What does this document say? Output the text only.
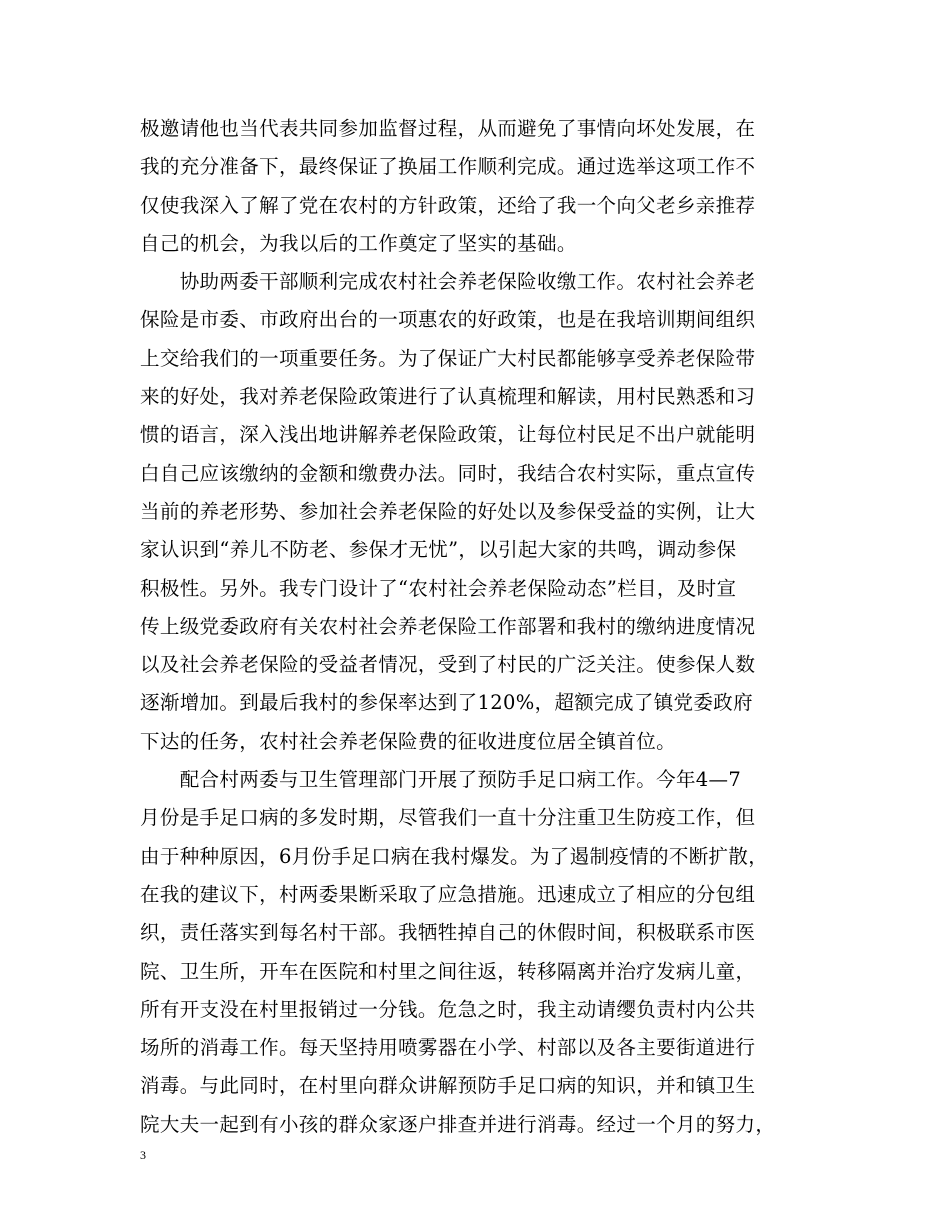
极邀请他也当代表共同参加监督过程，从而避免了事情向坏处发展，在
我的充分准备下，最终保证了换届工作顺利完成。通过选举这项工作不
仅使我深入了解了党在农村的方针政策，还给了我一个向父老乡亲推荐
自己的机会，为我以后的工作奠定了坚实的基础。
　　协助两委干部顺利完成农村社会养老保险收缴工作。农村社会养老
保险是市委、市政府出台的一项惠农的好政策，也是在我培训期间组织
上交给我们的一项重要任务。为了保证广大村民都能够享受养老保险带
来的好处，我对养老保险政策进行了认真梳理和解读，用村民熟悉和习
惯的语言，深入浅出地讲解养老保险政策，让每位村民足不出户就能明
白自己应该缴纳的金额和缴费办法。同时，我结合农村实际，重点宣传
当前的养老形势、参加社会养老保险的好处以及参保受益的实例，让大
家认识到“养儿不防老、参保才无忧”，以引起大家的共鸣，调动参保
积极性。另外。我专门设计了“农村社会养老保险动态”栏目，及时宣
传上级党委政府有关农村社会养老保险工作部署和我村的缴纳进度情况
以及社会养老保险的受益者情况，受到了村民的广泛关注。使参保人数
逐渐增加。到最后我村的参保率达到了120%，超额完成了镇党委政府
下达的任务，农村社会养老保险费的征收进度位居全镇首位。
　　配合村两委与卫生管理部门开展了预防手足口病工作。今年4—7
月份是手足口病的多发时期，尽管我们一直十分注重卫生防疫工作，但
由于种种原因，6月份手足口病在我村爆发。为了遏制疫情的不断扩散，
在我的建议下，村两委果断采取了应急措施。迅速成立了相应的分包组
织，责任落实到每名村干部。我牺牲掉自己的休假时间，积极联系市医
院、卫生所，开车在医院和村里之间往返，转移隔离并治疗发病儿童，
所有开支没在村里报销过一分钱。危急之时，我主动请缨负责村内公共
场所的消毒工作。每天坚持用喷雾器在小学、村部以及各主要街道进行
消毒。与此同时，在村里向群众讲解预防手足口病的知识，并和镇卫生
院大夫一起到有小孩的群众家逐户排查并进行消毒。经过一个月的努力，
3
